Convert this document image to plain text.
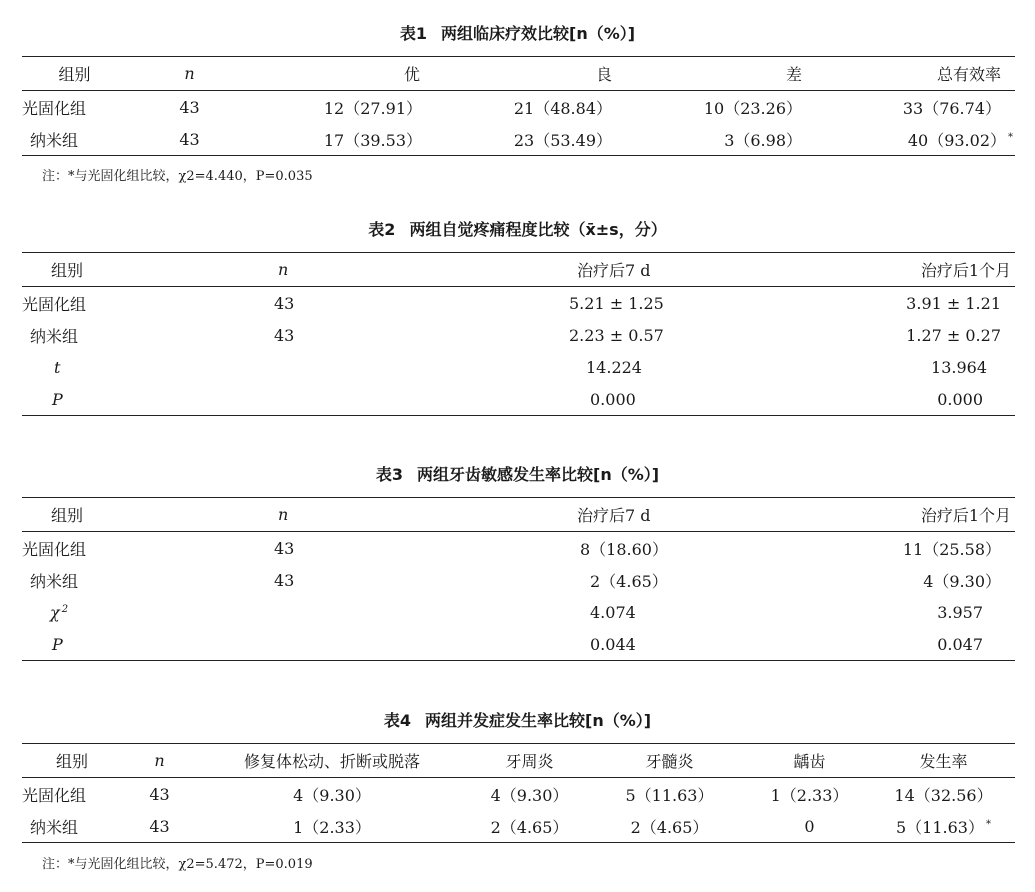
表1 两组临床疗效比较[n（%）]
组别	n	优	良	差	总有效率
光固化组	43	12（27.91）	21（48.84）	10（23.26）	33（76.74）
纳米组	43	17（39.53）	23（53.49）	3（6.98）	40（93.02） *
注：*与光固化组比较，χ2=4.440，P=0.035
表2 两组自觉疼痛程度比较（x̄±s，分）
组别	n	治疗后7 d	治疗后1个月
光固化组	43	5.21 ± 1.25	3.91 ± 1.21
纳米组	43	2.23 ± 0.57	1.27 ± 0.27
t		14.224	13.964
P		0.000	0.000
表3 两组牙齿敏感发生率比较[n（%）]
组别	n	治疗后7 d	治疗后1个月
光固化组	43	8（18.60）	11（25.58）
纳米组	43	2（4.65）	4（9.30）
χ $^2$		4.074	3.957
P		0.044	0.047
表4 两组并发症发生率比较[n（%）]
组别	n	修复体松动、折断或脱落	牙周炎	牙髓炎	龋齿	发生率
光固化组	43	4（9.30）	4（9.30）	5（11.63）	1（2.33）	14（32.56）
纳米组	43	1（2.33）	2（4.65）	2（4.65）	0	5（11.63） *
注：*与光固化组比较，χ2=5.472，P=0.019
